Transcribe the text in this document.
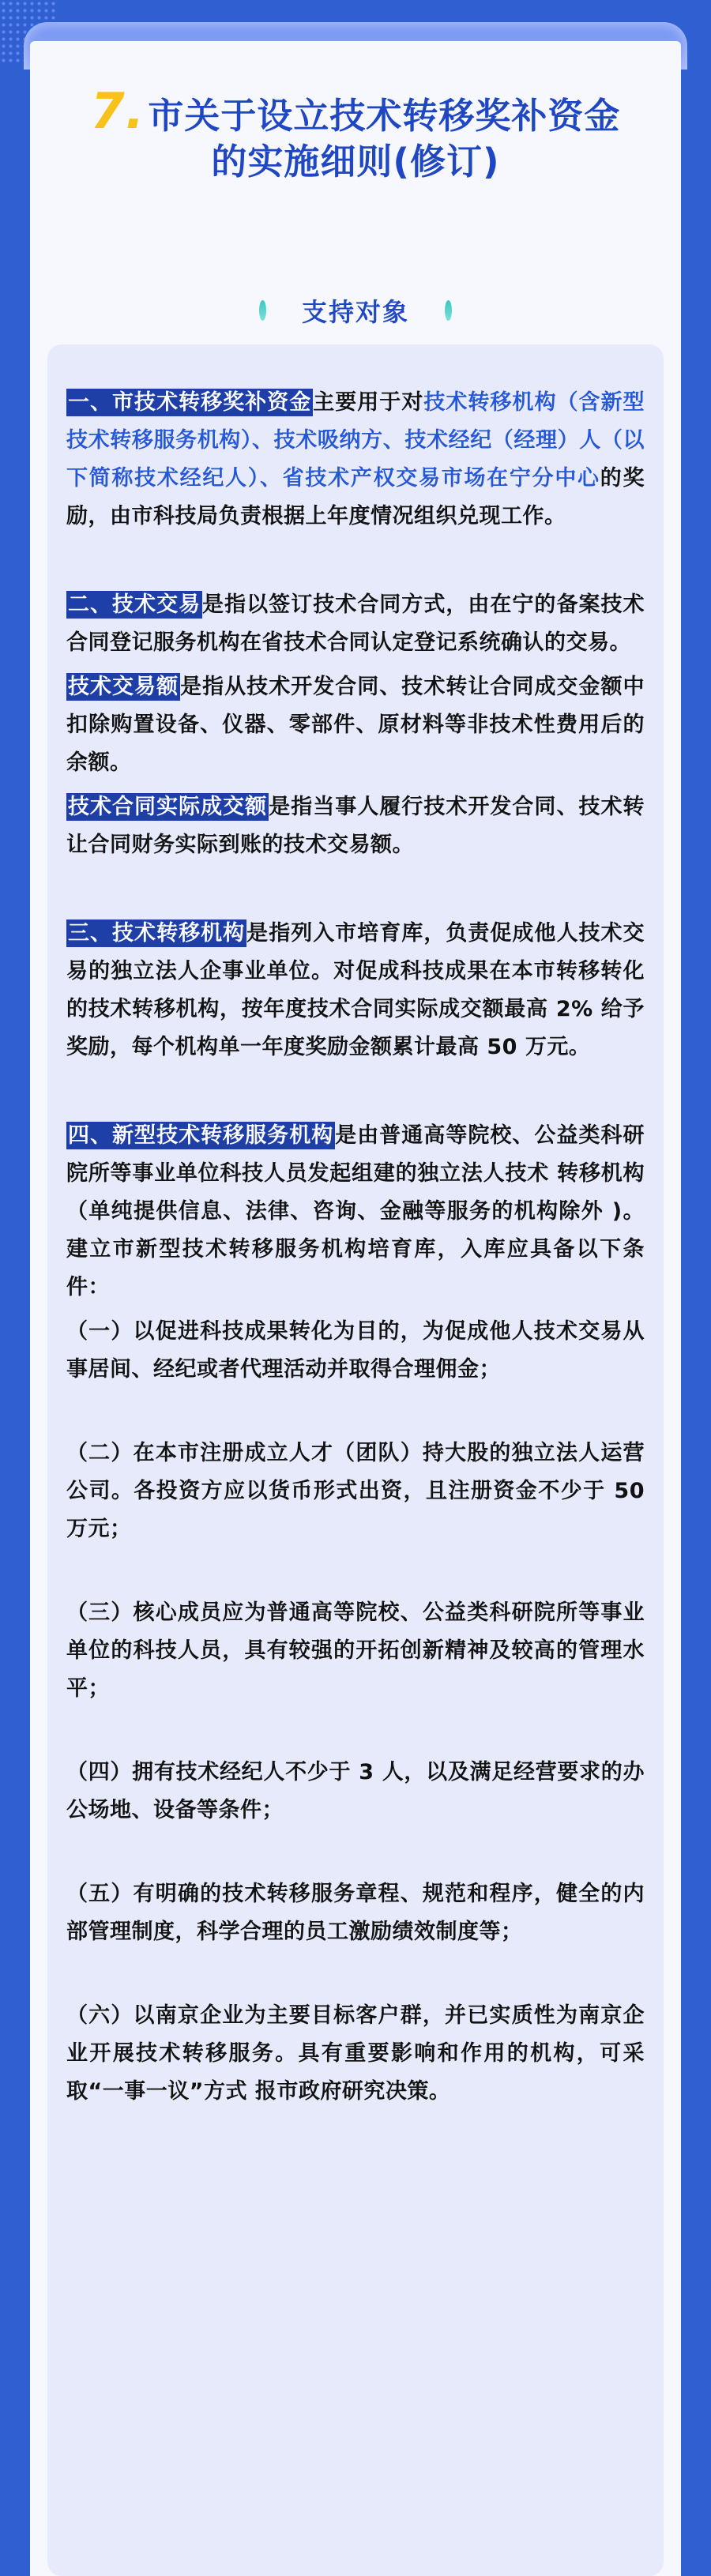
7.市关于设立技术转移奖补资金
的实施细则(修订)
支持对象

一、市技术转移奖补资金主要用于对技术转移机构（含新型技术转移服务机构）、技术吸纳方、技术经纪（经理）人（以下简称技术经纪人）、省技术产权交易市场在宁分中心的奖励，由市科技局负责根据上年度情况组织兑现工作。

二、技术交易是指以签订技术合同方式，由在宁的备案技术合同登记服务机构在省技术合同认定登记系统确认的交易。

技术交易额是指从技术开发合同、技术转让合同成交金额中扣除购置设备、仪器、零部件、原材料等非技术性费用后的余额。

技术合同实际成交额是指当事人履行技术开发合同、技术转让合同财务实际到账的技术交易额。

三、技术转移机构是指列入市培育库，负责促成他人技术交易的独立法人企事业单位。对促成科技成果在本市转移转化的技术转移机构，按年度技术合同实际成交额最高 2% 给予奖励，每个机构单一年度奖励金额累计最高 50 万元。

四、新型技术转移服务机构是由普通高等院校、公益类科研院所等事业单位科技人员发起组建的独立法人技术 转移机构（单纯提供信息、法律、咨询、金融等服务的机构除外 )。建立市新型技术转移服务机构培育库，入库应具备以下条件：

（一）以促进科技成果转化为目的，为促成他人技术交易从事居间、经纪或者代理活动并取得合理佣金；

（二）在本市注册成立人才（团队）持大股的独立法人运营公司。各投资方应以货币形式出资，且注册资金不少于 50 万元；

（三）核心成员应为普通高等院校、公益类科研院所等事业单位的科技人员，具有较强的开拓创新精神及较高的管理水平；

（四）拥有技术经纪人不少于 3 人，以及满足经营要求的办公场地、设备等条件；

（五）有明确的技术转移服务章程、规范和程序，健全的内部管理制度，科学合理的员工激励绩效制度等；

（六）以南京企业为主要目标客户群，并已实质性为南京企业开展技术转移服务。具有重要影响和作用的机构，可采取“一事一议”方式 报市政府研究决策。
